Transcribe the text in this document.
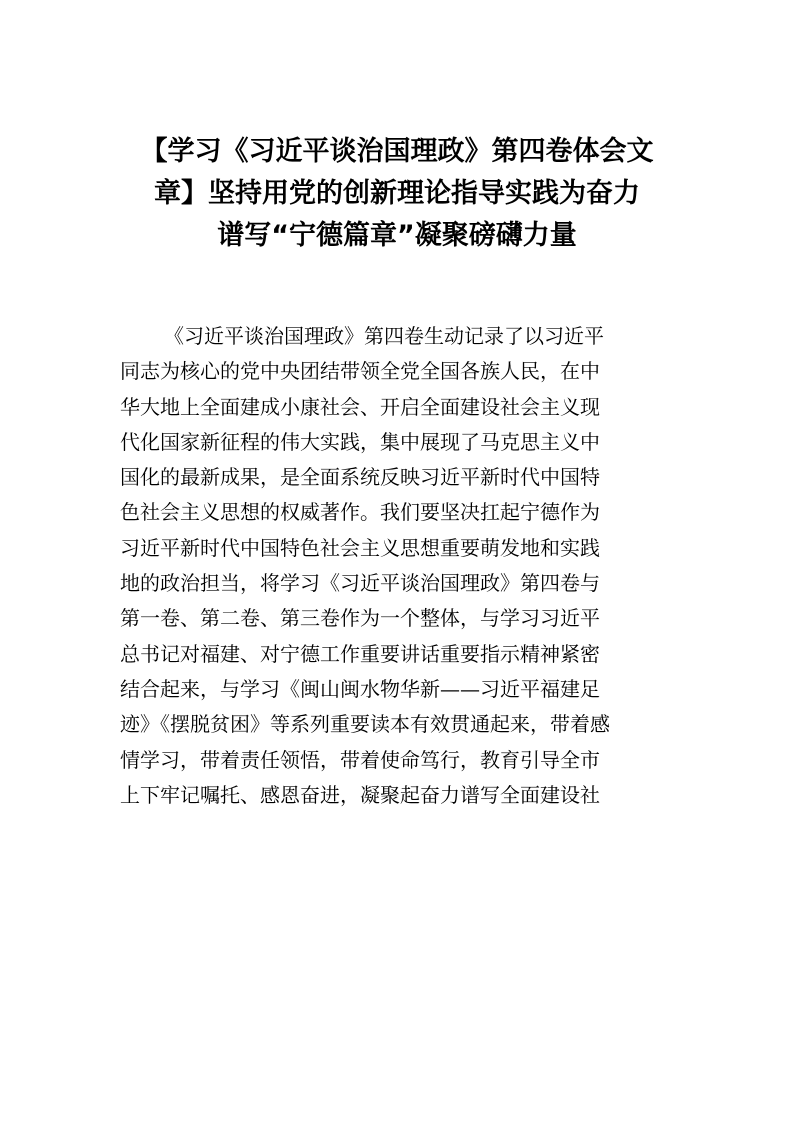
【学习《习近平谈治国理政》第四卷体会文
章】坚持用党的创新理论指导实践为奋力
谱写“宁德篇章”凝聚磅礴力量
《习近平谈治国理政》第四卷生动记录了以习近平
同志为核心的党中央团结带领全党全国各族人民，在中
华大地上全面建成小康社会、开启全面建设社会主义现
代化国家新征程的伟大实践，集中展现了马克思主义中
国化的最新成果，是全面系统反映习近平新时代中国特
色社会主义思想的权威著作。我们要坚决扛起宁德作为
习近平新时代中国特色社会主义思想重要萌发地和实践
地的政治担当，将学习《习近平谈治国理政》第四卷与
第一卷、第二卷、第三卷作为一个整体，与学习习近平
总书记对福建、对宁德工作重要讲话重要指示精神紧密
结合起来，与学习《闽山闽水物华新——习近平福建足
迹》《摆脱贫困》等系列重要读本有效贯通起来，带着感
情学习，带着责任领悟，带着使命笃行，教育引导全市
上下牢记嘱托、感恩奋进，凝聚起奋力谱写全面建设社
